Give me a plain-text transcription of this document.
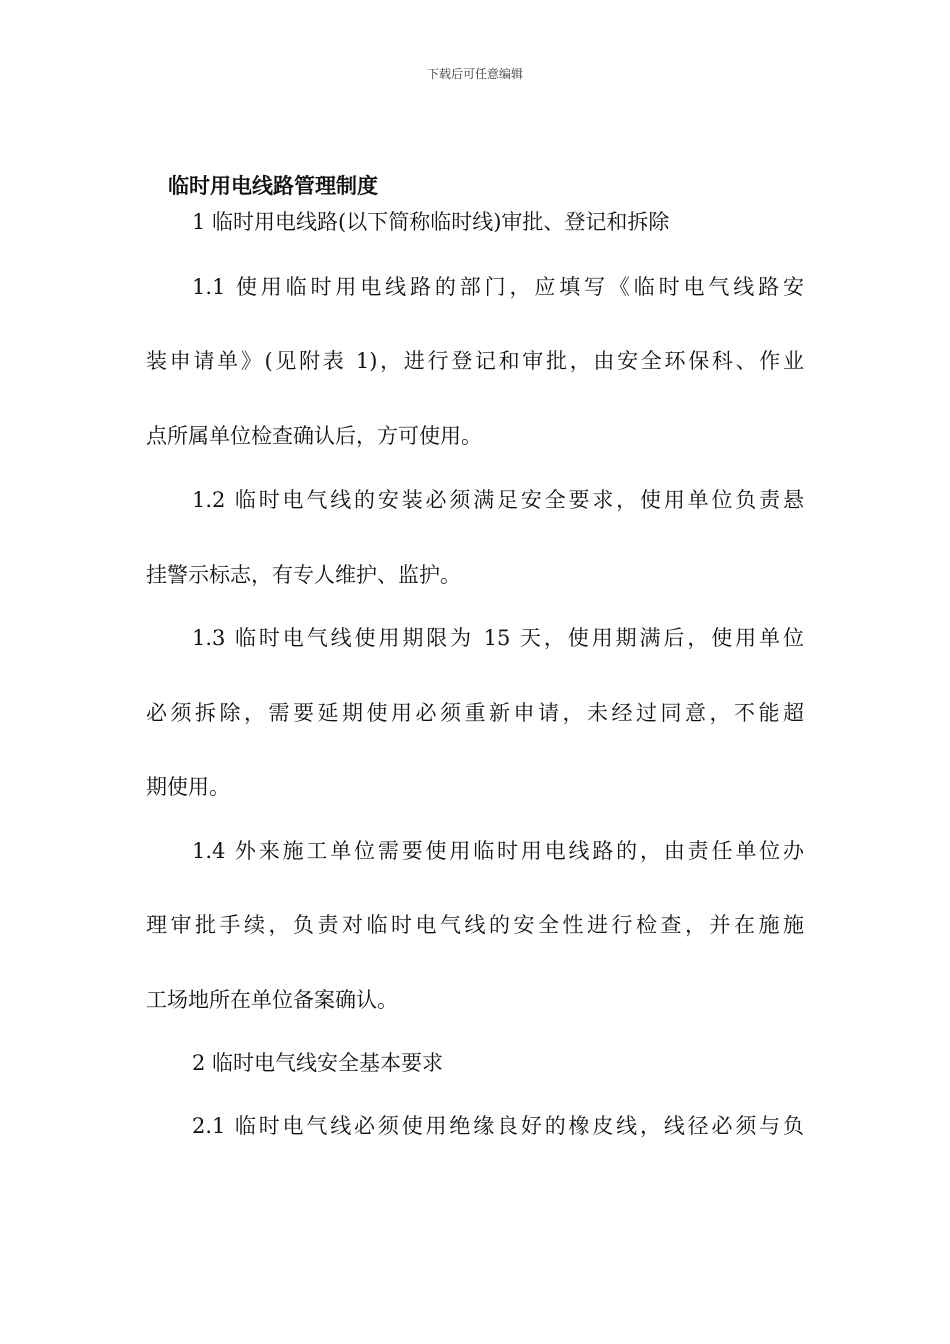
下载后可任意编辑
临时用电线路管理制度
1 临时用电线路(以下简称临时线)审批、登记和拆除
1.1 使用临时用电线路的部门，应填写《临时电气线路安
装申请单》(见附表 1)，进行登记和审批，由安全环保科、作业
点所属单位检查确认后，方可使用。
1.2 临时电气线的安装必须满足安全要求，使用单位负责悬
挂警示标志，有专人维护、监护。
1.3 临时电气线使用期限为 15 天，使用期满后，使用单位
必须拆除，需要延期使用必须重新申请，未经过同意，不能超
期使用。
1.4 外来施工单位需要使用临时用电线路的，由责任单位办
理审批手续，负责对临时电气线的安全性进行检查，并在施施
工场地所在单位备案确认。
2 临时电气线安全基本要求
2.1 临时电气线必须使用绝缘良好的橡皮线，线径必须与负
